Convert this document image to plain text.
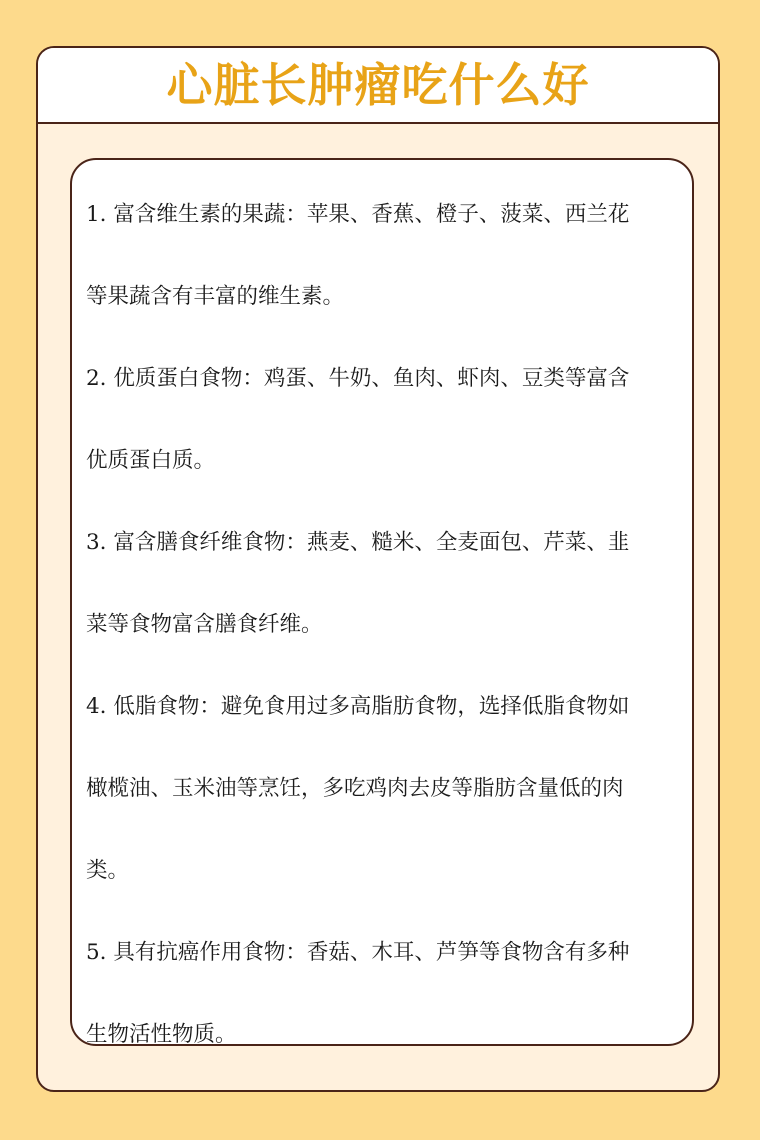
心脏长肿瘤吃什么好
1. 富含维生素的果蔬：苹果、香蕉、橙子、菠菜、西兰花等果蔬含有丰富的维生素。
2. 优质蛋白食物：鸡蛋、牛奶、鱼肉、虾肉、豆类等富含优质蛋白质。
3. 富含膳食纤维食物：燕麦、糙米、全麦面包、芹菜、韭菜等食物富含膳食纤维。
4. 低脂食物：避免食用过多高脂肪食物，选择低脂食物如橄榄油、玉米油等烹饪，多吃鸡肉去皮等脂肪含量低的肉类。
5. 具有抗癌作用食物：香菇、木耳、芦笋等食物含有多种生物活性物质。
